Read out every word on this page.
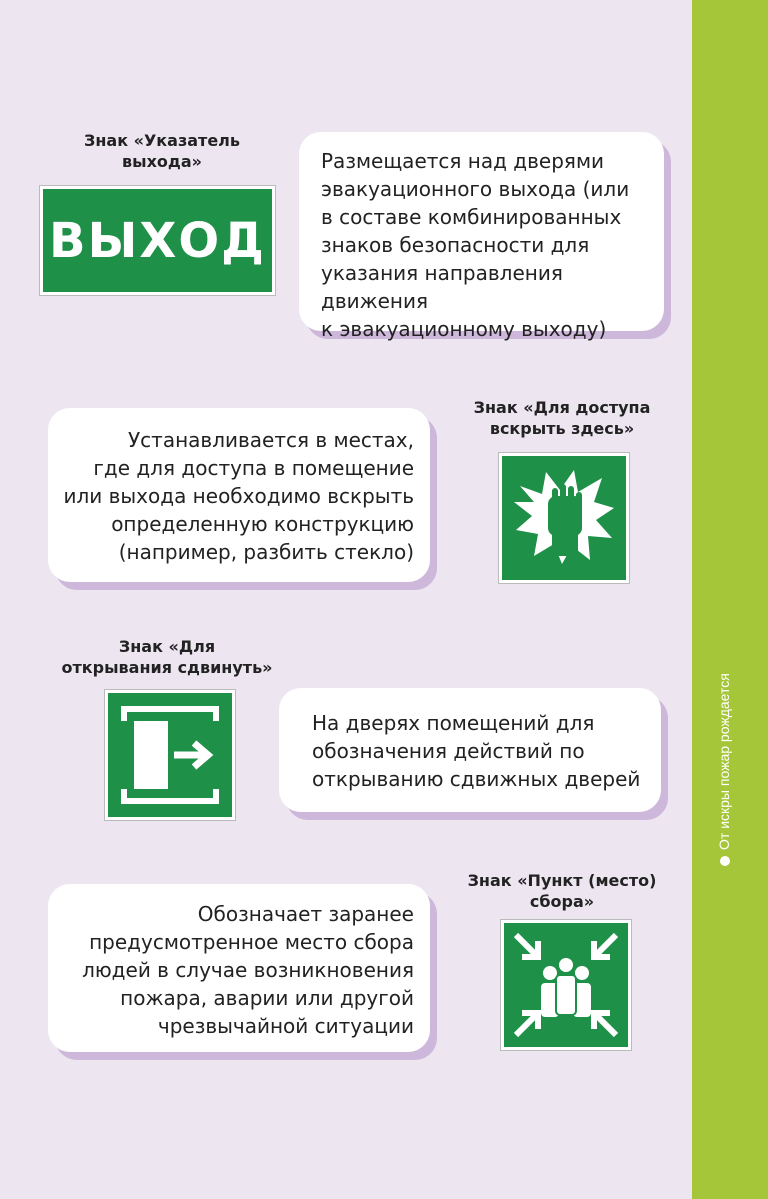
От искры пожар рождается
Знак «Указатель
выхода»
ВЫХОД
Размещается над дверями
эвакуационного выхода (или
в составе комбинированных
знаков безопасности для
указания направления движения
к эвакуационному выходу)
Знак «Для доступа
вскрыть здесь»
Устанавливается в местах,
где для доступа в помещение
или выхода необходимо вскрыть
определенную конструкцию
(например, разбить стекло)
Знак «Для
открывания сдвинуть»
На дверях помещений для
обозначения действий по
открыванию сдвижных дверей
Знак «Пункт (место)
сбора»
Обозначает заранее
предусмотренное место сбора
людей в случае возникновения
пожара, аварии или другой
чрезвычайной ситуации
